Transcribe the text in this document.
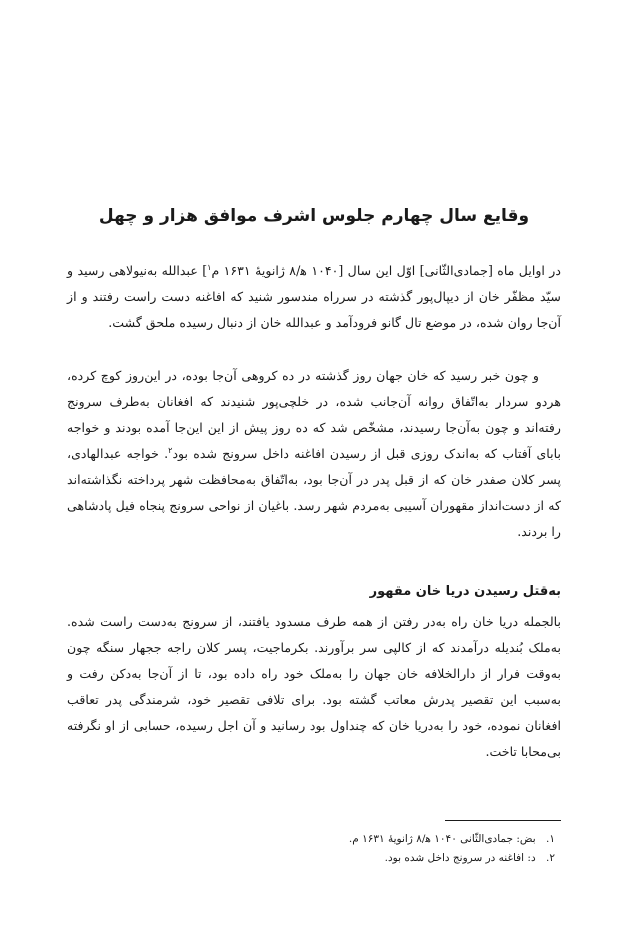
وقایع سال چهارم جلوس اشرف موافق هزار و چهل
در اوایل ماه [جمادی‌الثّانی] اوّل این سال [۱۰۴۰ ه‍/۸ ژانویهٔ ۱۶۳۱ م$^۱$] عبدالله به‌نیولاهی رسید و سیّد مظفّر خان از دیپال‌پور گذشته در سرراه مندسور شنید که افاغنه دست راست رفتند و از آن‌جا روان شده، در موضع تال گانو فرودآمد و عبدالله خان از دنبال رسیده ملحق گشت.
و چون خبر رسید که خان جهان روز گذشته در ده کروهی آن‌جا بوده، در این‌روز کوچ کرده، هردو سردار به‌اتّفاق روانه آن‌جانب شده، در خلچی‌پور شنیدند که افغانان به‌طرف سرونج رفته‌اند و چون به‌آن‌جا رسیدند، مشخّص شد که ده روز پیش از این این‌جا آمده بودند و خواجه بابای آفتاب که به‌اندک روزی قبل از رسیدن افاغنه داخل سرونج شده بود$^۲$. خواجه عبدالهادی، پسر کلان صفدر خان که از قبل پدر در آن‌جا بود، به‌اتّفاق به‌محافظت شهر پرداخته نگذاشته‌اند که از دست‌انداز مقهوران آسیبی به‌مردم شهر رسد. باغیان از نواحی سرونج پنجاه فیل پادشاهی را بردند.
به‌قتل رسیدن دریا خان مقهور
بالجمله دریا خان راه به‌در رفتن از همه طرف مسدود یافتند، از سرونج به‌دست راست شده. به‌ملک بُندیله درآمدند که از کالپی سر برآورند. بکرماجیت، پسر کلان راجه ججهار سنگه چون به‌وقت فرار از دارالخلافه خان جهان را به‌ملک خود راه داده بود، تا از آن‌جا به‌دکن رفت و به‌سبب این تقصیر پدرش معاتب گشته بود. برای تلافی تقصیر خود، شرمندگی پدر تعاقب افغانان نموده، خود را به‌دریا خان که چنداول بود رسانید و آن اجل رسیده، حسابی از او نگرفته بی‌محابا تاخت.
۱. بض: جمادی‌الثّانی ۱۰۴۰ ه‍/۸ ژانویهٔ ۱۶۳۱ م.
۲. د: افاغنه در سرونج داخل شده بود.
